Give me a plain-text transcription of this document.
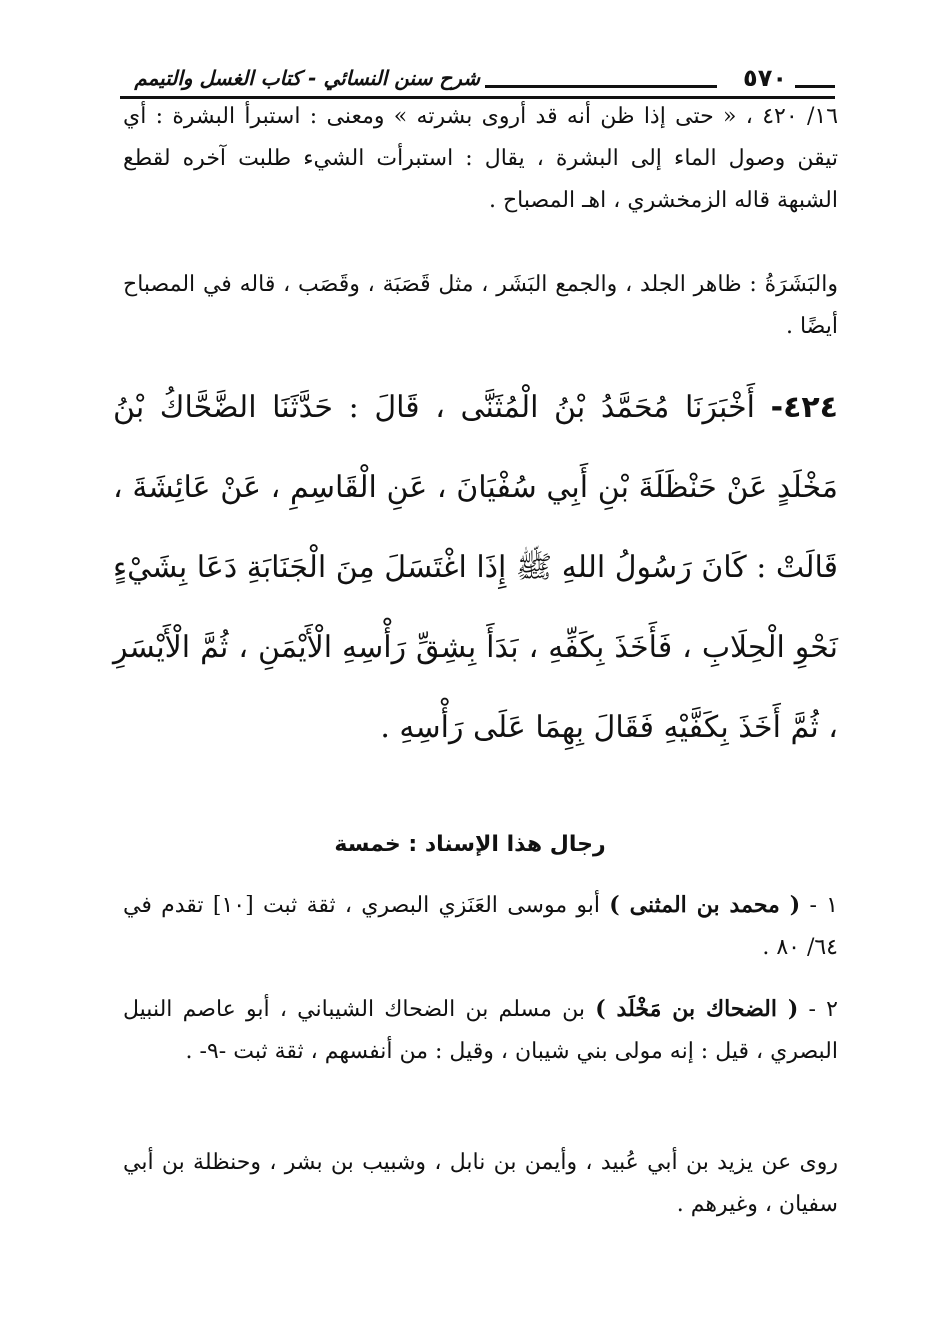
٥٧٠
شرح سنن النسائي - كتاب الغسل والتيمم

١٦/ ٤٢٠ ، « حتى إذا ظن أنه قد أروى بشرته » ومعنى : استبرأ البشرة : أي تيقن وصول الماء إلى البشرة ، يقال : استبرأت الشيء طلبت آخره لقطع الشبهة قاله الزمخشري ، اهـ المصباح .

والبَشَرَةُ : ظاهر الجلد ، والجمع البَشَر ، مثل قَصَبَة ، وقَصَب ، قاله في المصباح أيضًا .

٤٢٤- أَخْبَرَنَا مُحَمَّدُ بْنُ الْمُثَنَّى ، قَالَ : حَدَّثَنَا الضَّحَّاكُ بْنُ مَخْلَدٍ عَنْ حَنْظَلَةَ بْنِ أَبِي سُفْيَانَ ، عَنِ الْقَاسِمِ ، عَنْ عَائِشَةَ ، قَالَتْ : كَانَ رَسُولُ اللهِ ﷺ إِذَا اغْتَسَلَ مِنَ الْجَنَابَةِ دَعَا بِشَيْءٍ نَحْوِ الْحِلَابِ ، فَأَخَذَ بِكَفِّهِ ، بَدَأَ بِشِقِّ رَأْسِهِ الْأَيْمَنِ ، ثُمَّ الْأَيْسَرِ ، ثُمَّ أَخَذَ بِكَفَّيْهِ فَقَالَ بِهِمَا عَلَى رَأْسِهِ .
رجال هذا الإسناد : خمسة

١ - ( محمد بن المثنى ) أبو موسى العَنَزي البصري ، ثقة ثبت [١٠] تقدم في ٦٤/ ٨٠ .

٢ - ( الضحاك بن مَخْلَد ) بن مسلم بن الضحاك الشيباني ، أبو عاصم النبيل البصري ، قيل : إنه مولى بني شيبان ، وقيل : من أنفسهم ، ثقة ثبت -٩- .

روى عن يزيد بن أبي عُبيد ، وأيمن بن نابل ، وشبيب بن بشر ، وحنظلة بن أبي سفيان ، وغيرهم .
